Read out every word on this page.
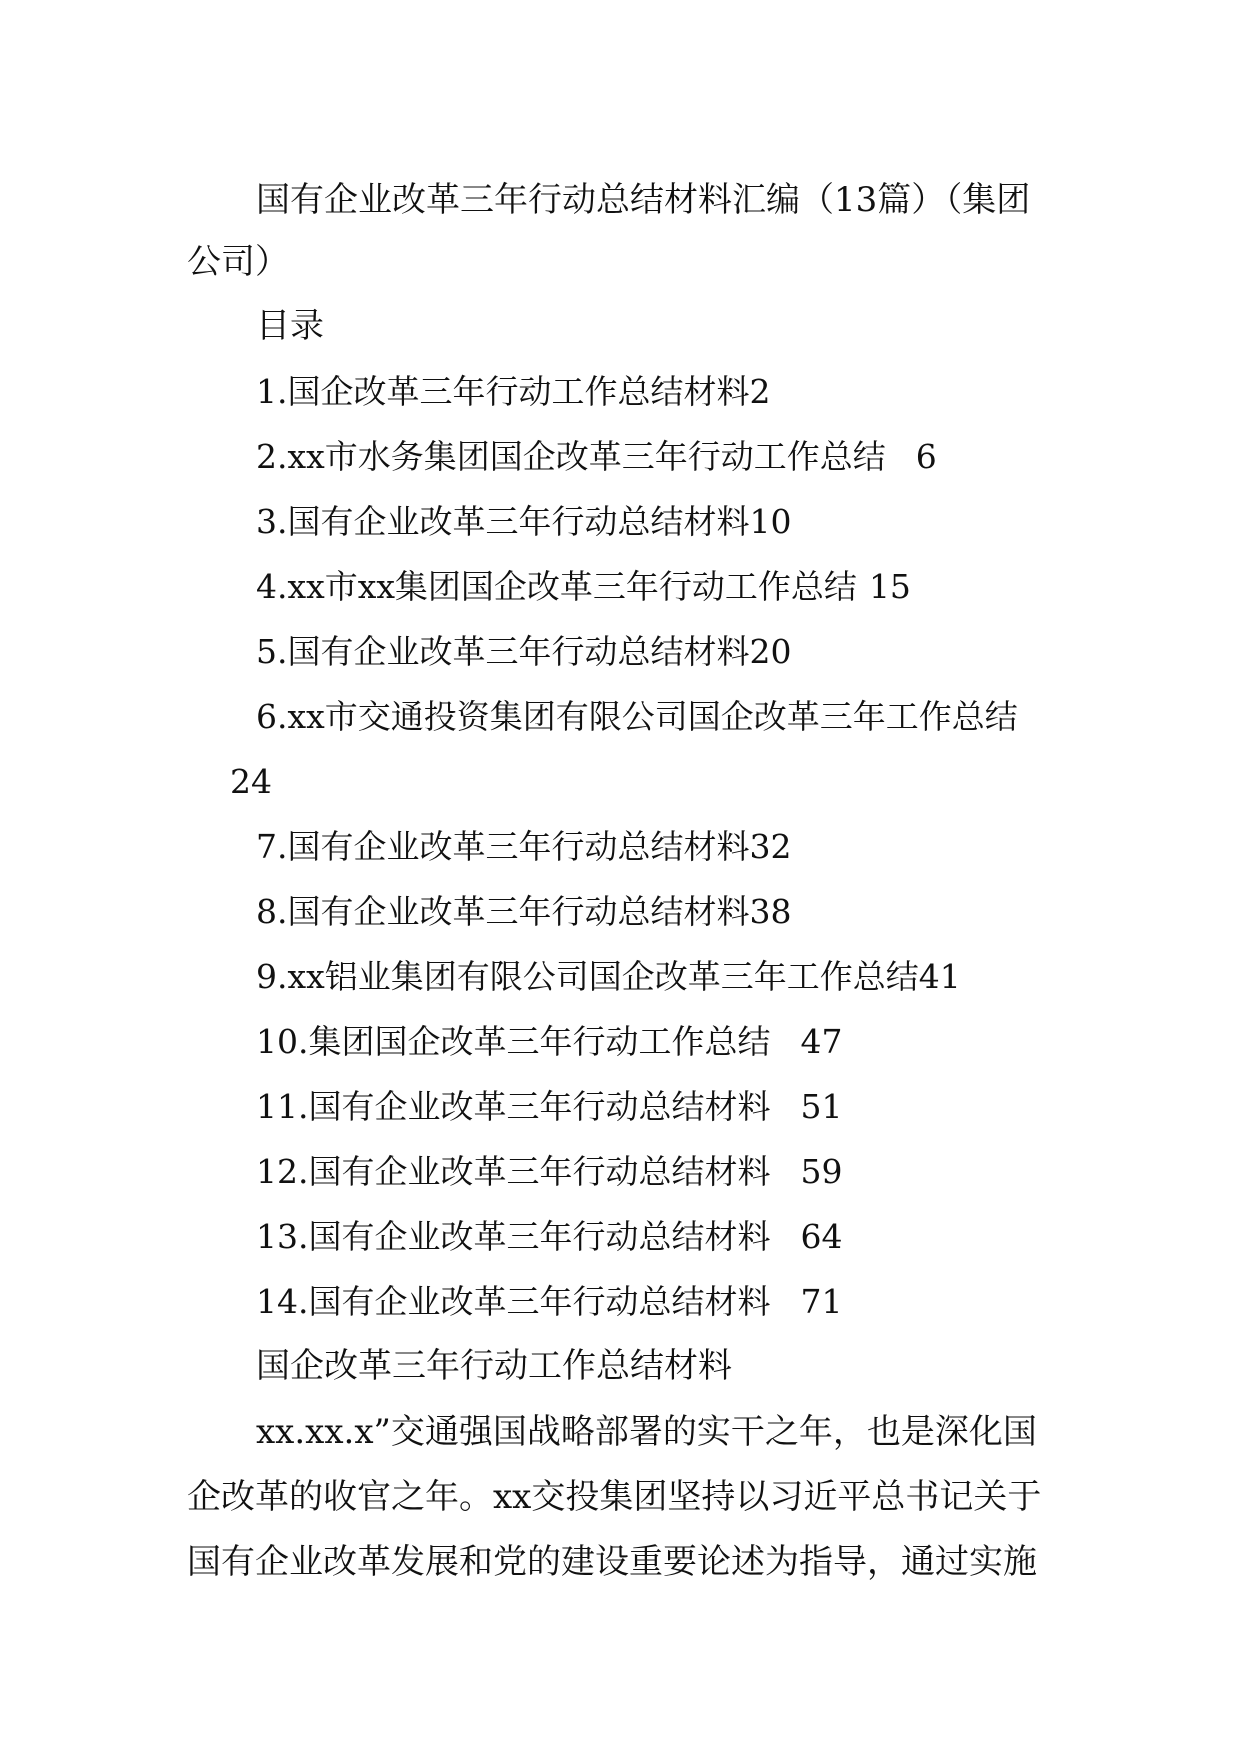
国有企业改革三年行动总结材料汇编（13篇）（集团
公司）
目录
1.国企改革三年行动工作总结材料2
2.xx市水务集团国企改革三年行动工作总结 6
3.国有企业改革三年行动总结材料10
4.xx市xx集团国企改革三年行动工作总结 15
5.国有企业改革三年行动总结材料20
6.xx市交通投资集团有限公司国企改革三年工作总结
24
7.国有企业改革三年行动总结材料32
8.国有企业改革三年行动总结材料38
9.xx铝业集团有限公司国企改革三年工作总结41
10.集团国企改革三年行动工作总结 47
11.国有企业改革三年行动总结材料 51
12.国有企业改革三年行动总结材料 59
13.国有企业改革三年行动总结材料 64
14.国有企业改革三年行动总结材料 71
国企改革三年行动工作总结材料
xx.xx.x”交通强国战略部署的实干之年，也是深化国
企改革的收官之年。xx交投集团坚持以习近平总书记关于
国有企业改革发展和党的建设重要论述为指导，通过实施
